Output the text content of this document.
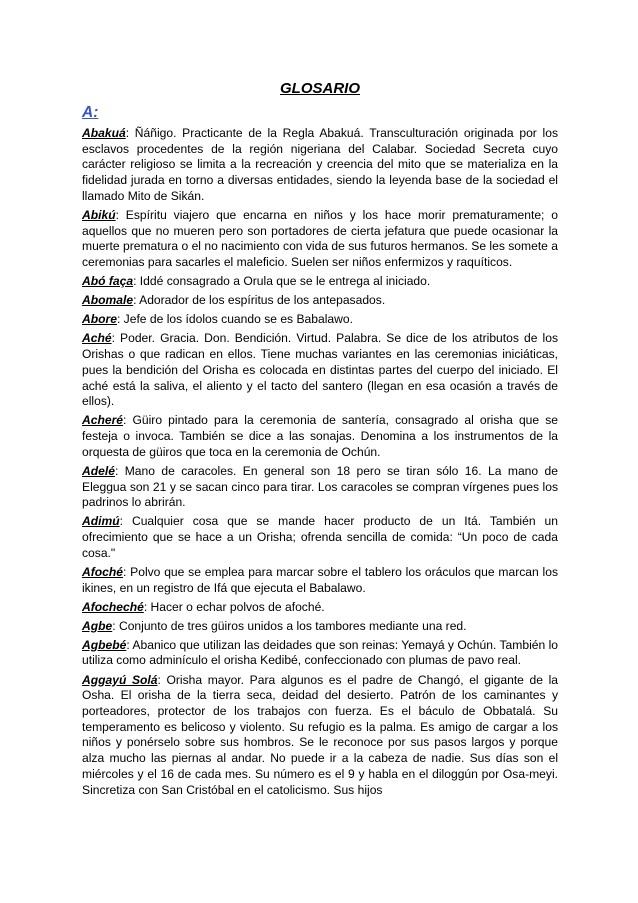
GLOSARIO
A:
Abakuá: Ñáñigo. Practicante de la Regla Abakuá. Transculturación originada por los esclavos procedentes de la región nigeriana del Calabar. Sociedad Secreta cuyo carácter religioso se limita a la recreación y creencia del mito que se materializa en la fidelidad jurada en torno a diversas entidades, siendo la leyenda base de la sociedad el llamado Mito de Sikán.
Abikú: Espíritu viajero que encarna en niños y los hace morir prematuramente; o aquellos que no mueren pero son portadores de cierta jefatura que puede ocasionar la muerte prematura o el no nacimiento con vida de sus futuros hermanos. Se les somete a ceremonias para sacarles el maleficio. Suelen ser niños enfermizos y raquíticos.
Abó faça: Iddé consagrado a Orula que se le entrega al iniciado.
Abomale: Adorador de los espíritus de los antepasados.
Abore: Jefe de los ídolos cuando se es Babalawo.
Aché: Poder. Gracia. Don. Bendición. Virtud. Palabra. Se dice de los atributos de los Orishas o que radican en ellos. Tiene muchas variantes en las ceremonias iniciáticas, pues la bendición del Orisha es colocada en distintas partes del cuerpo del iniciado. El aché está la saliva, el aliento y el tacto del santero (llegan en esa ocasión a través de ellos).
Acheré: Güiro pintado para la ceremonia de santería, consagrado al orisha que se festeja o invoca. También se dice a las sonajas. Denomina a los instrumentos de la orquesta de güiros que toca en la ceremonia de Ochún.
Adelé: Mano de caracoles. En general son 18 pero se tiran sólo 16. La mano de Eleggua son 21 y se sacan cinco para tirar. Los caracoles se compran vírgenes pues los padrinos lo abrirán.
Adimú: Cualquier cosa que se mande hacer producto de un Itá. También un ofrecimiento que se hace a un Orisha; ofrenda sencilla de comida: “Un poco de cada cosa."
Afoché: Polvo que se emplea para marcar sobre el tablero los oráculos que marcan los ikines, en un registro de Ifá que ejecuta el Babalawo.
Afocheché: Hacer o echar polvos de afoché.
Agbe: Conjunto de tres güiros unidos a los tambores mediante una red.
Agbebé: Abanico que utilizan las deidades que son reinas: Yemayá y Ochún. También lo utiliza como adminículo el orisha Kedibé, confeccionado con plumas de pavo real.
Aggayú Solá: Orisha mayor. Para algunos es el padre de Changó, el gigante de la Osha. El orisha de la tierra seca, deidad del desierto. Patrón de los caminantes y porteadores, protector de los trabajos con fuerza. Es el báculo de Obbatalá. Su temperamento es belicoso y violento. Su refugio es la palma. Es amigo de cargar a los niños y ponérselo sobre sus hombros. Se le reconoce por sus pasos largos y porque alza mucho las piernas al andar. No puede ir a la cabeza de nadie. Sus días son el miércoles y el 16 de cada mes. Su número es el 9 y habla en el diloggún por Osa-meyi. Sincretiza con San Cristóbal en el catolicismo. Sus hijos
